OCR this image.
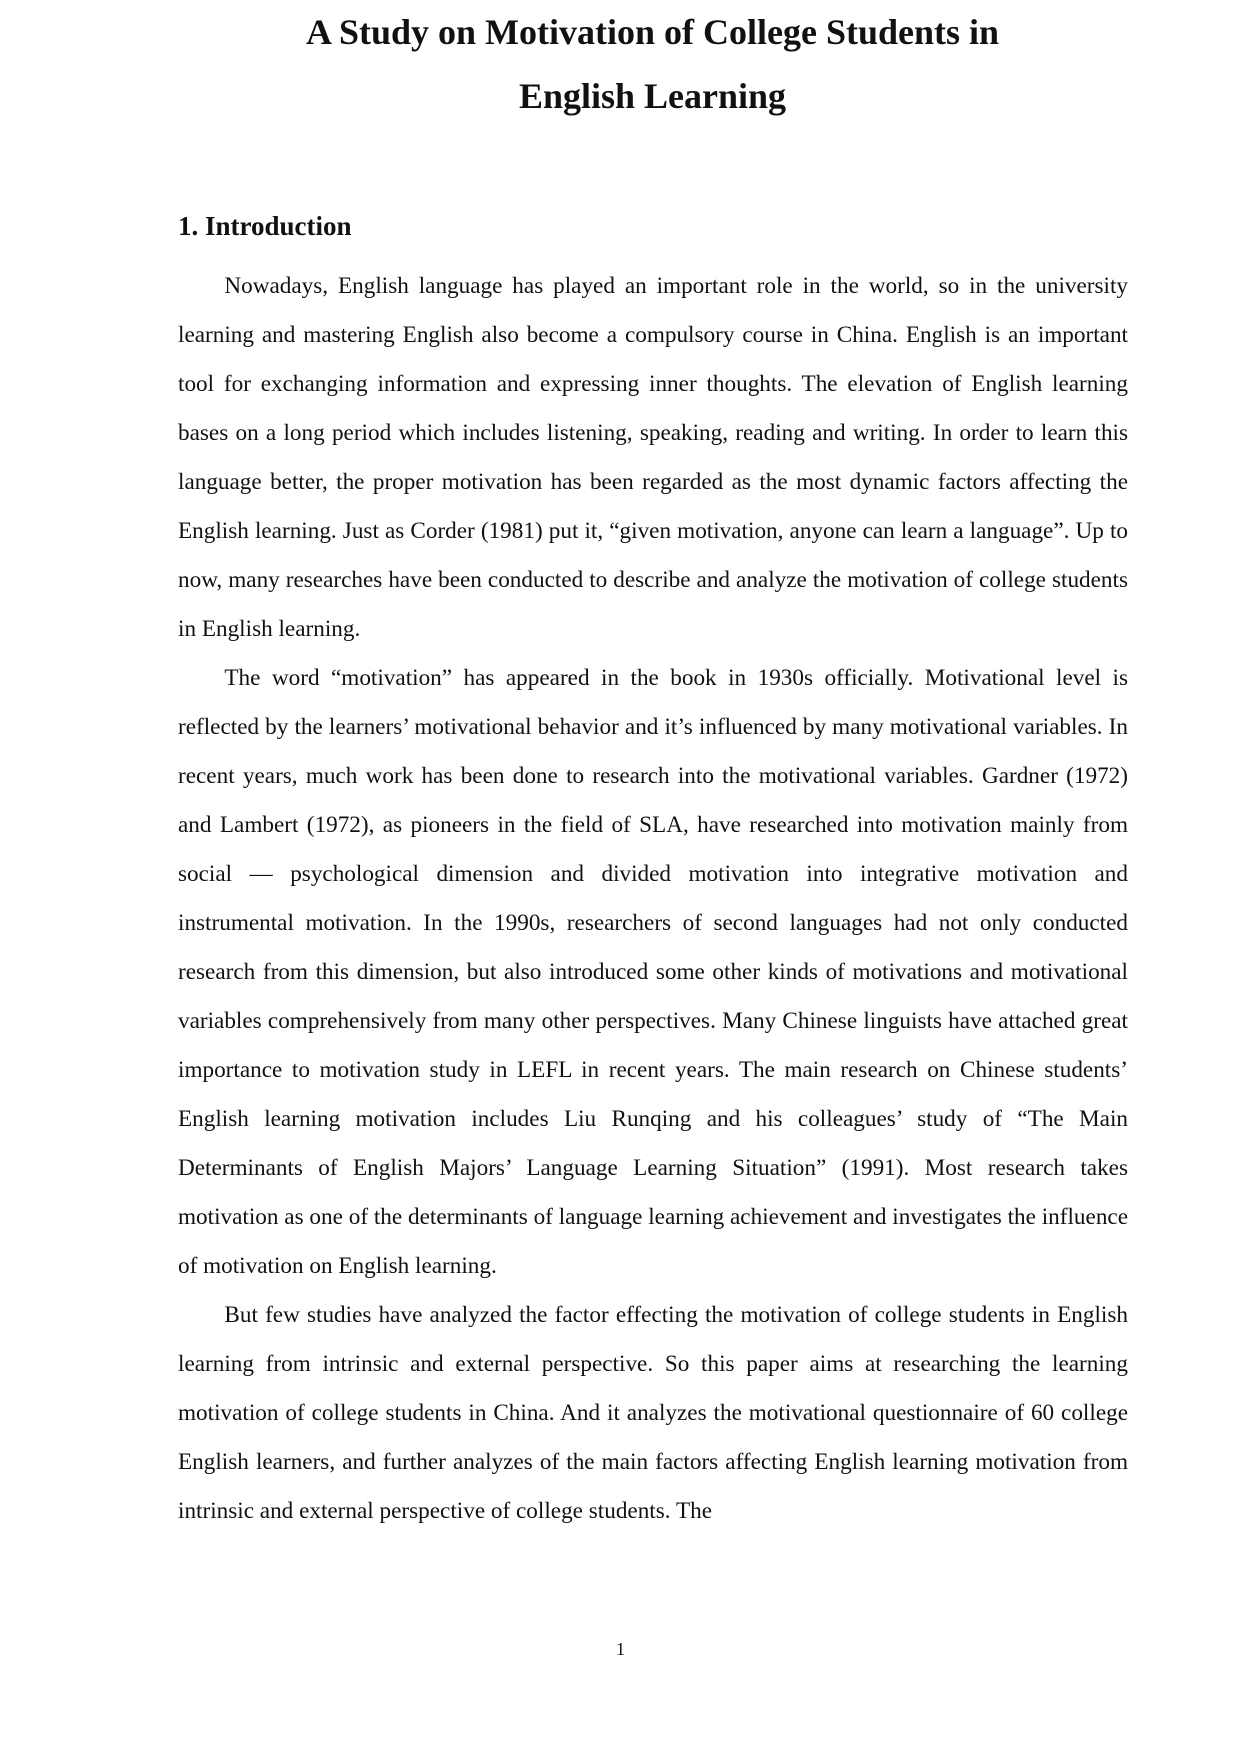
A Study on Motivation of College Students in
English Learning
1. Introduction

Nowadays, English language has played an important role in the world, so in the university learning and mastering English also become a compulsory course in China. English is an important tool for exchanging information and expressing inner thoughts. The elevation of English learning bases on a long period which includes listening, speaking, reading and writing. In order to learn this language better, the proper motivation has been regarded as the most dynamic factors affecting the English learning. Just as Corder (1981) put it, “given motivation, anyone can learn a language”. Up to now, many researches have been conducted to describe and analyze the motivation of college students in English learning.

The word “motivation” has appeared in the book in 1930s officially. Motivational level is reflected by the learners’ motivational behavior and it’s influenced by many motivational variables. In recent years, much work has been done to research into the motivational variables. Gardner (1972) and Lambert (1972), as pioneers in the field of SLA, have researched into motivation mainly from social — psychological dimension and divided motivation into integrative motivation and instrumental motivation. In the 1990s, researchers of second languages had not only conducted research from this dimension, but also introduced some other kinds of motivations and motivational variables comprehensively from many other perspectives. Many Chinese linguists have attached great importance to motivation study in LEFL in recent years. The main research on Chinese students’ English learning motivation includes Liu Runqing and his colleagues’ study of “The Main Determinants of English Majors’ Language Learning Situation” (1991). Most research takes motivation as one of the determinants of language learning achievement and investigates the influence of motivation on English learning.

But few studies have analyzed the factor effecting the motivation of college students in English learning from intrinsic and external perspective. So this paper aims at researching the learning motivation of college students in China. And it analyzes the motivational questionnaire of 60 college English learners, and further analyzes of the main factors affecting English learning motivation from intrinsic and external perspective of college students. The

1
